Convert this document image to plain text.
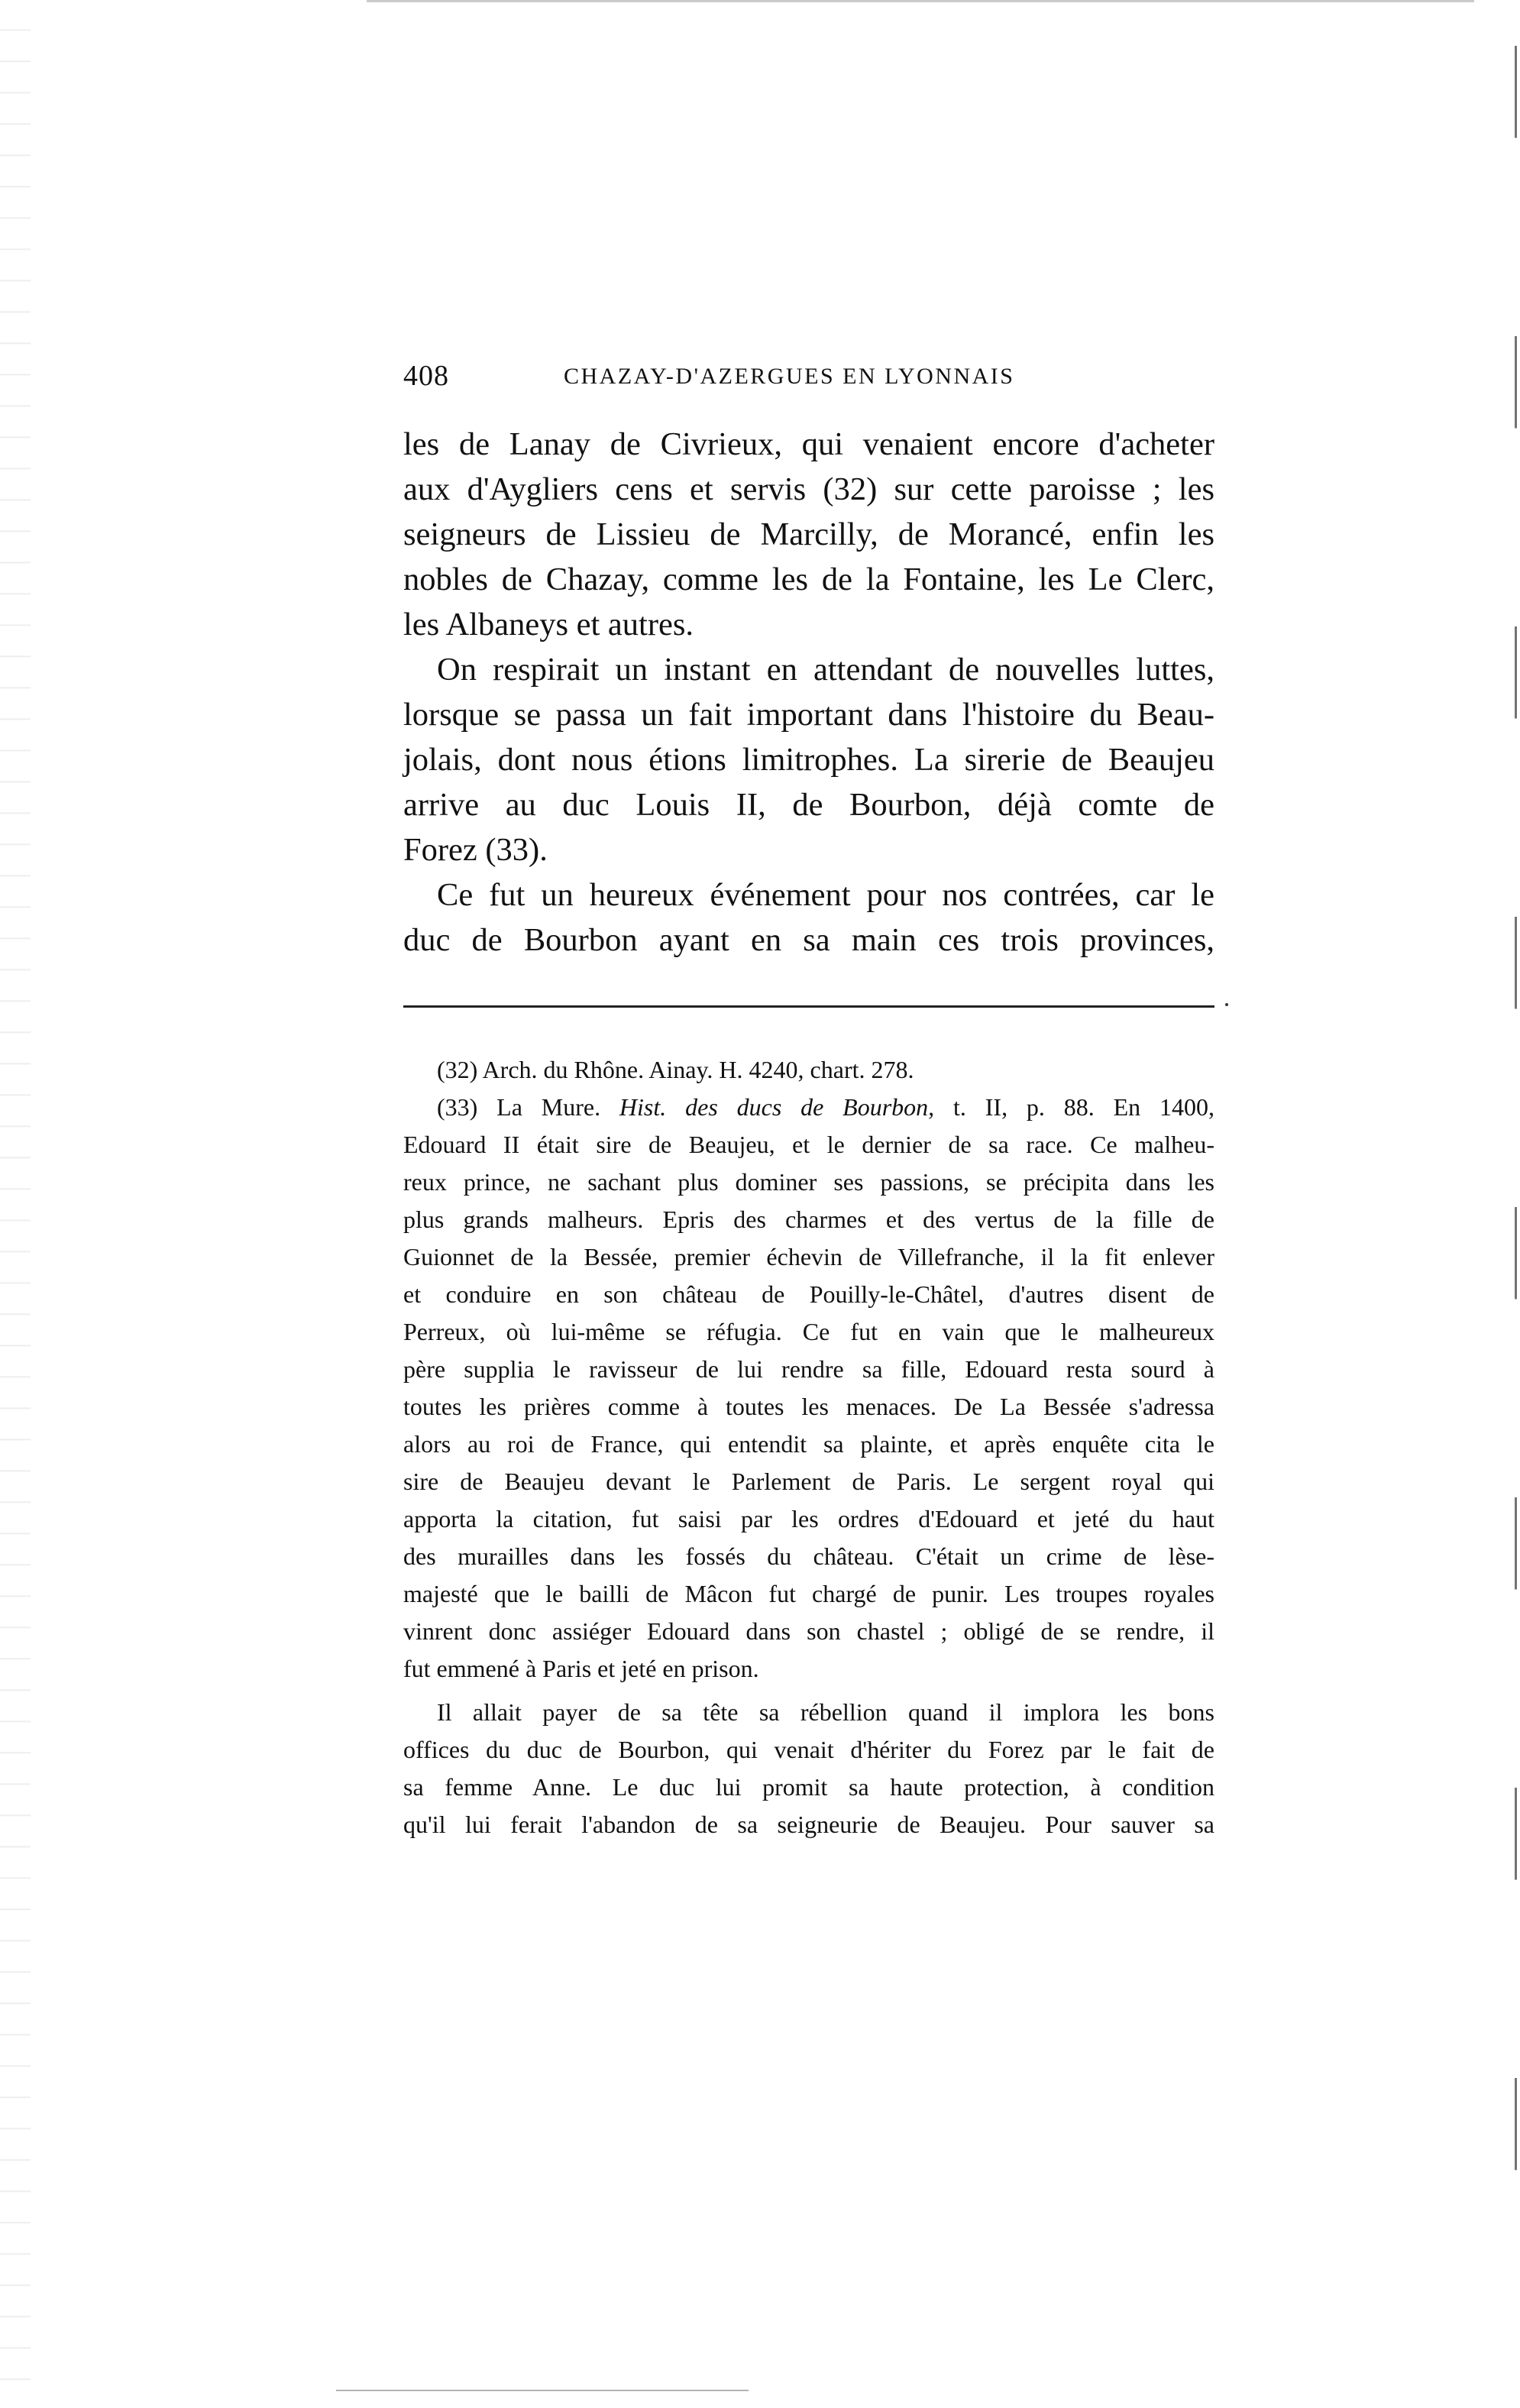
408	CHAZAY-D'AZERGUES EN LYONNAIS
les de Lanay de Civrieux, qui venaient encore d'acheter
aux d'Aygliers cens et servis (32) sur cette paroisse ; les
seigneurs de Lissieu de Marcilly, de Morancé, enfin les
nobles de Chazay, comme les de la Fontaine, les Le Clerc,
les Albaneys et autres.
On respirait un instant en attendant de nouvelles luttes,
lorsque se passa un fait important dans l'histoire du Beau-
jolais, dont nous étions limitrophes. La sirerie de Beaujeu
arrive au duc Louis II, de Bourbon, déjà comte de
Forez (33).
Ce fut un heureux événement pour nos contrées, car le
duc de Bourbon ayant en sa main ces trois provinces,
(32) Arch. du Rhône. Ainay. H. 4240, chart. 278.
(33) La Mure. Hist. des ducs de Bourbon, t. II, p. 88. En 1400,
Edouard II était sire de Beaujeu, et le dernier de sa race. Ce malheu-
reux prince, ne sachant plus dominer ses passions, se précipita dans les
plus grands malheurs. Epris des charmes et des vertus de la fille de
Guionnet de la Bessée, premier échevin de Villefranche, il la fit enlever
et conduire en son château de Pouilly-le-Châtel, d'autres disent de
Perreux, où lui-même se réfugia. Ce fut en vain que le malheureux
père supplia le ravisseur de lui rendre sa fille, Edouard resta sourd à
toutes les prières comme à toutes les menaces. De La Bessée s'adressa
alors au roi de France, qui entendit sa plainte, et après enquête cita le
sire de Beaujeu devant le Parlement de Paris. Le sergent royal qui
apporta la citation, fut saisi par les ordres d'Edouard et jeté du haut
des murailles dans les fossés du château. C'était un crime de lèse-
majesté que le bailli de Mâcon fut chargé de punir. Les troupes royales
vinrent donc assiéger Edouard dans son chastel ; obligé de se rendre, il
fut emmené à Paris et jeté en prison.
Il allait payer de sa tête sa rébellion quand il implora les bons
offices du duc de Bourbon, qui venait d'hériter du Forez par le fait de
sa femme Anne. Le duc lui promit sa haute protection, à condition
qu'il lui ferait l'abandon de sa seigneurie de Beaujeu. Pour sauver sa
